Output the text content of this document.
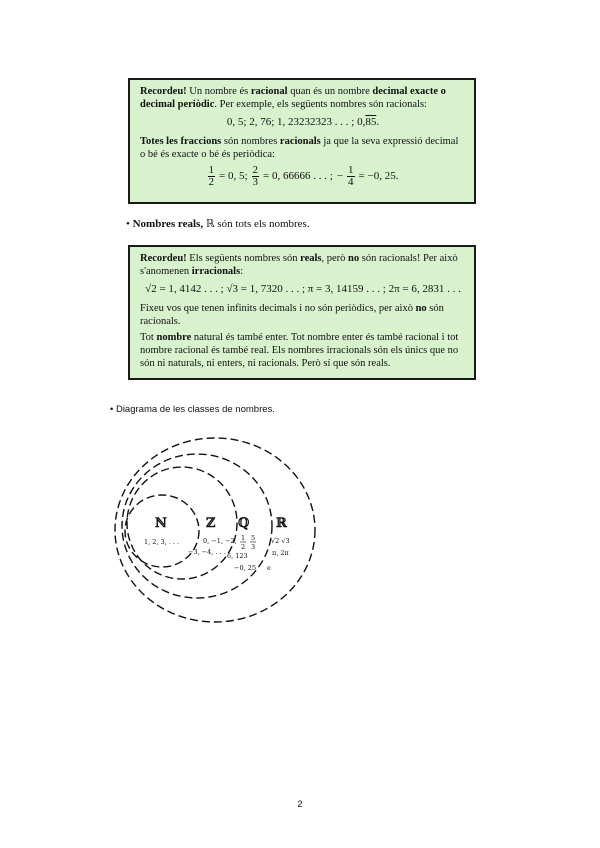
Recordeu! Un nombre és racional quan és un nombre decimal exacte o decimal periòdic. Per exemple, els següents nombres són racionals:

0, 5; 2, 76; 1, 23232323 . . . ; 0,85.

Totes les fraccions són nombres racionals ja que la seva expressió decimal o bé és exacte o bé és periòdica:

$\frac{1}{2} = 0$, 5; $\frac{2}{3} = 0$, 66666 . . . ; − $\frac{1}{4} = -0$, 25.
• Nombres reals, ℝ són tots els nombres.

Recordeu! Els següents nombres són reals, però no són racionals! Per això s'anomenen irracionals:

√2 = 1, 4142 . . . ; √3 = 1, 7320 . . . ; π = 3, 14159 . . . ; 2π = 6, 2831 . . .

Fixeu vos que tenen infinits decimals i no són periòdics, per això no són racionals.

Tot nombre natural és també enter. Tot nombre enter és també racional i tot nombre racional és també real. Els nombres irracionals són els únics que no són ni naturals, ni enters, ni racionals. Però sí que són reals.

• Diagrama de les classes de nombres.
ℕ
1, 2, 3, . . .
ℤ
0, −1, −2,
−3, −4, . . .
ℚ
1
2
5
3
6, 123
−0, 25
ℝ
√2 √3
π, 2π
e
2
